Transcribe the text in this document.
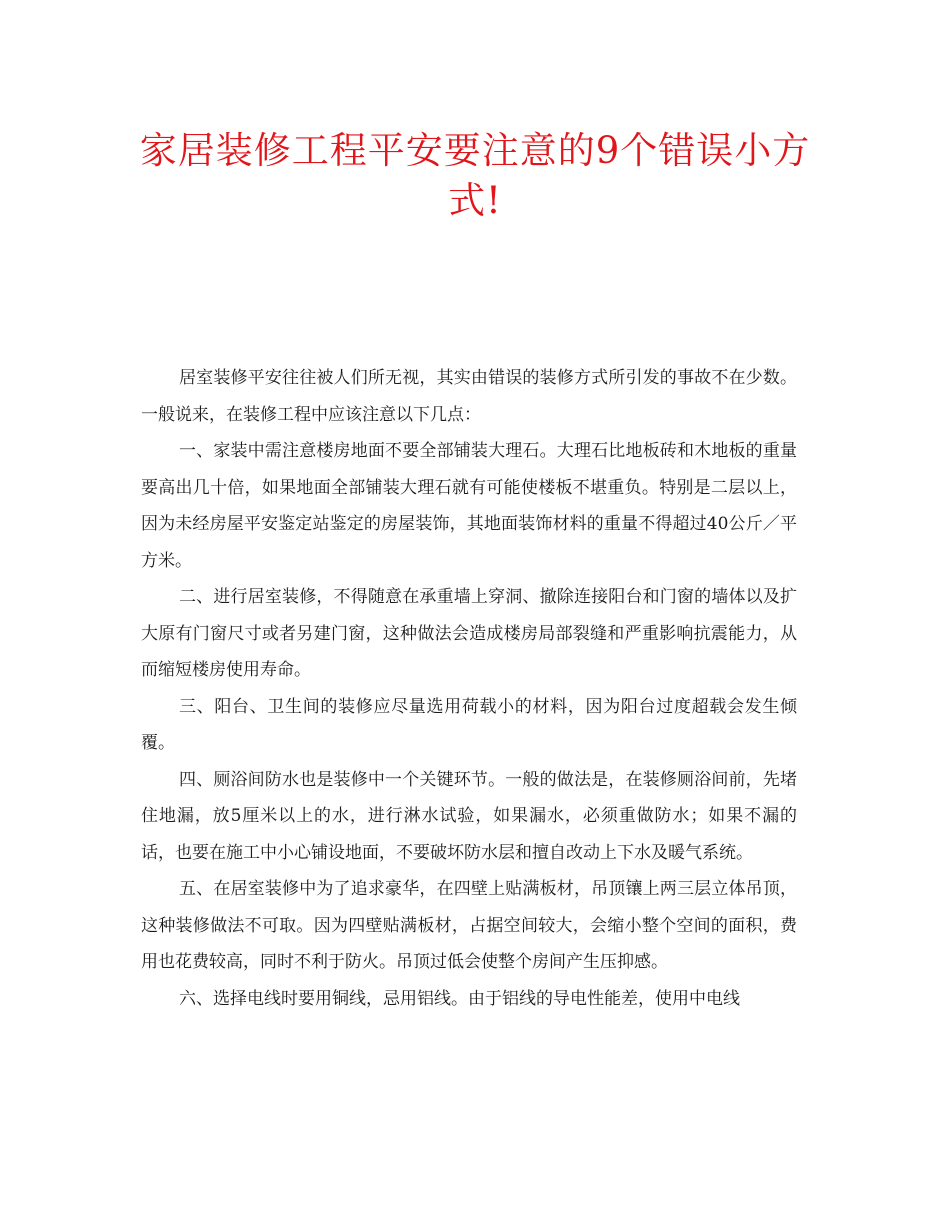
家居装修工程平安要注意的9个错误小方式!

居室装修平安往往被人们所无视，其实由错误的装修方式所引发的事故不在少数。一般说来，在装修工程中应该注意以下几点：

一、家装中需注意楼房地面不要全部铺装大理石。大理石比地板砖和木地板的重量要高出几十倍，如果地面全部铺装大理石就有可能使楼板不堪重负。特别是二层以上，因为未经房屋平安鉴定站鉴定的房屋装饰，其地面装饰材料的重量不得超过40公斤／平方米。

二、进行居室装修，不得随意在承重墙上穿洞、撤除连接阳台和门窗的墙体以及扩大原有门窗尺寸或者另建门窗，这种做法会造成楼房局部裂缝和严重影响抗震能力，从而缩短楼房使用寿命。

三、阳台、卫生间的装修应尽量选用荷载小的材料，因为阳台过度超载会发生倾覆。

四、厕浴间防水也是装修中一个关键环节。一般的做法是，在装修厕浴间前，先堵住地漏，放5厘米以上的水，进行淋水试验，如果漏水，必须重做防水；如果不漏的话，也要在施工中小心铺设地面，不要破坏防水层和擅自改动上下水及暖气系统。

五、在居室装修中为了追求豪华，在四壁上贴满板材，吊顶镶上两三层立体吊顶，这种装修做法不可取。因为四壁贴满板材，占据空间较大，会缩小整个空间的面积，费用也花费较高，同时不利于防火。吊顶过低会使整个房间产生压抑感。

六、选择电线时要用铜线，忌用铝线。由于铝线的导电性能差，使用中电线
